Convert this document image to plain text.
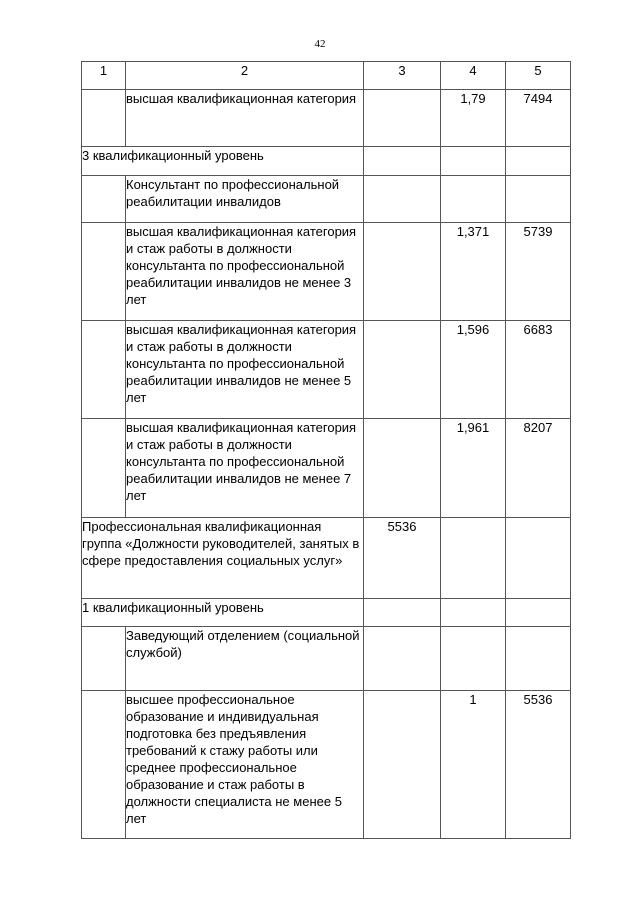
42
1	2	3	4	5
	высшая квалификационная категория		1,79	7494
3 квалификационный уровень				
	Консультант по профессиональной реабилитации инвалидов			
	высшая квалификационная категория и стаж работы в должности консультанта по профессиональной реабилитации инвалидов не менее 3 лет		1,371	5739
	высшая квалификационная категория и стаж работы в должности консультанта по профессиональной реабилитации инвалидов не менее 5 лет		1,596	6683
	высшая квалификационная категория и стаж работы в должности консультанта по профессиональной реабилитации инвалидов не менее 7 лет		1,961	8207
Профессиональная квалификационная группа «Должности руководителей, занятых в сфере предоставления социальных услуг»		5536		
1 квалификационный уровень				
	Заведующий отделением (социальной службой)			
	высшее профессиональное образование и индивидуальная подготовка без предъявления требований к стажу работы или среднее профессиональное образование и стаж работы в должности специалиста не менее 5 лет		1	5536
